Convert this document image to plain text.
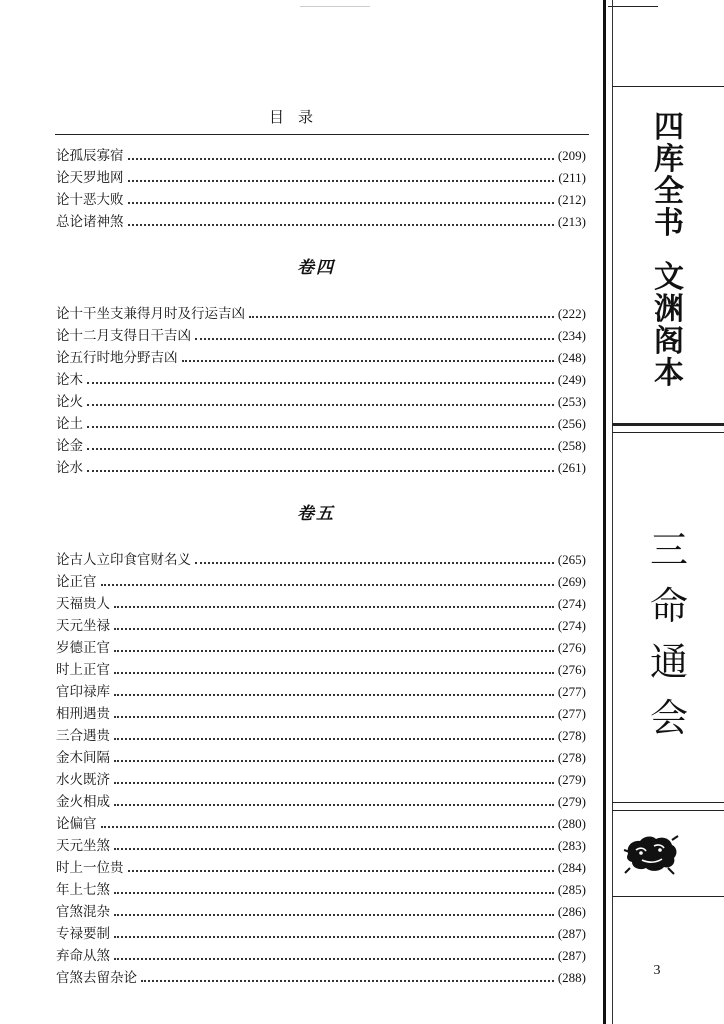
目录
论孤辰寡宿	(209)
论天罗地网	(211)
论十恶大败	(212)
总论诸神煞	(213)
卷四
论十干坐支兼得月时及行运吉凶	(222)
论十二月支得日干吉凶	(234)
论五行时地分野吉凶	(248)
论木	(249)
论火	(253)
论土	(256)
论金	(258)
论水	(261)
卷五
论古人立印食官财名义	(265)
论正官	(269)
天福贵人	(274)
天元坐禄	(274)
岁德正官	(276)
时上正官	(276)
官印禄库	(277)
相刑遇贵	(277)
三合遇贵	(278)
金木间隔	(278)
水火既济	(279)
金火相成	(279)
论偏官	(280)
天元坐煞	(283)
时上一位贵	(284)
年上七煞	(285)
官煞混杂	(286)
专禄要制	(287)
弃命从煞	(287)
官煞去留杂论	(288)
四
库
全
书
文
渊
阁
本
三
命
通
会
3
